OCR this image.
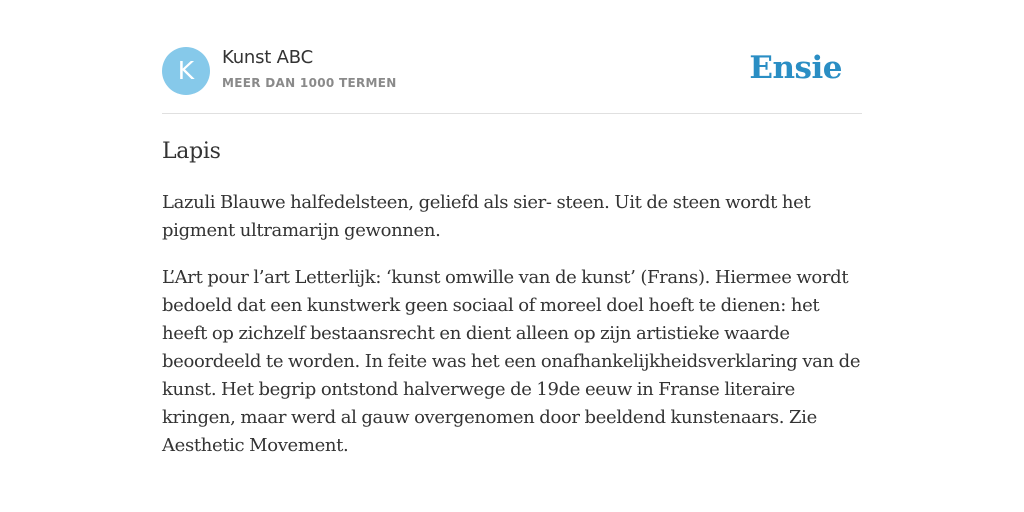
K	Kunst ABC
MEER DAN 1000 TERMEN	Ensie
Lapis

Lazuli Blauwe halfedelsteen, geliefd als sier- steen. Uit de steen wordt het pigment ultramarijn gewonnen.

L’Art pour l’art Letterlijk: ‘kunst omwille van de kunst’ (Frans). Hiermee wordt bedoeld dat een kunstwerk geen sociaal of moreel doel hoeft te dienen: het heeft op zichzelf bestaansrecht en dient alleen op zijn artistieke waarde beoordeeld te worden. In feite was het een onafhankelijkheidsverklaring van de kunst. Het begrip ontstond halverwege de 19de eeuw in Franse literaire kringen, maar werd al gauw overgenomen door beeldend kunstenaars. Zie Aesthetic Movement.
